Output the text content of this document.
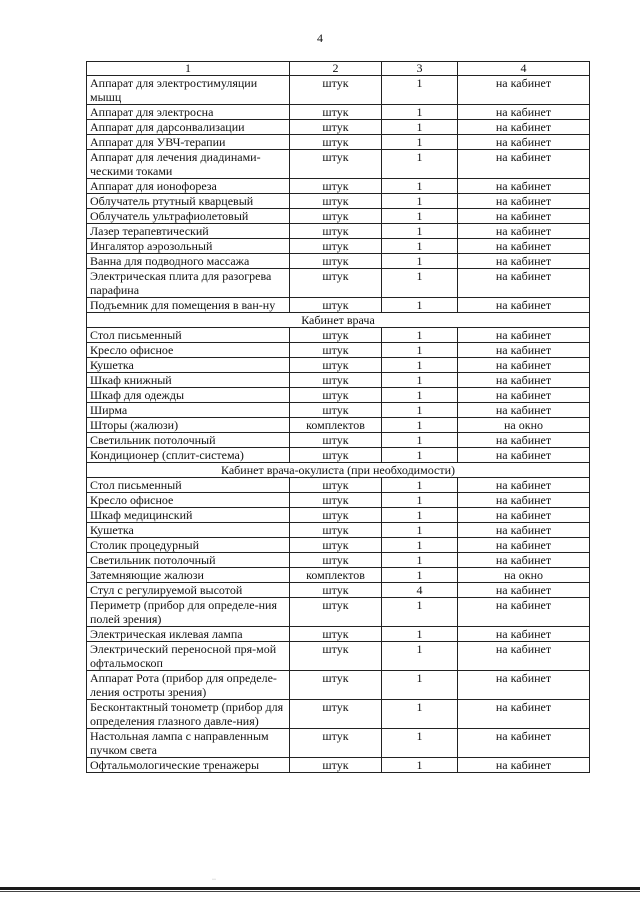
4
1	2	3	4
Аппарат для электростимуляции мышц	штук	1	на кабинет
Аппарат для электросна	штук	1	на кабинет
Аппарат для дарсонвализации	штук	1	на кабинет
Аппарат для УВЧ-терапии	штук	1	на кабинет
Аппарат для лечения диадинами-ческими токами	штук	1	на кабинет
Аппарат для ионофореза	штук	1	на кабинет
Облучатель ртутный кварцевый	штук	1	на кабинет
Облучатель ультрафиолетовый	штук	1	на кабинет
Лазер терапевтический	штук	1	на кабинет
Ингалятор аэрозольный	штук	1	на кабинет
Ванна для подводного массажа	штук	1	на кабинет
Электрическая плита для разогрева парафина	штук	1	на кабинет
Подъемник для помещения в ван-ну	штук	1	на кабинет
Кабинет врача			
Стол письменный	штук	1	на кабинет
Кресло офисное	штук	1	на кабинет
Кушетка	штук	1	на кабинет
Шкаф книжный	штук	1	на кабинет
Шкаф для одежды	штук	1	на кабинет
Ширма	штук	1	на кабинет
Шторы (жалюзи)	комплектов	1	на окно
Светильник потолочный	штук	1	на кабинет
Кондиционер (сплит-система)	штук	1	на кабинет
Кабинет врача-окулиста (при необходимости)			
Стол письменный	штук	1	на кабинет
Кресло офисное	штук	1	на кабинет
Шкаф медицинский	штук	1	на кабинет
Кушетка	штук	1	на кабинет
Столик процедурный	штук	1	на кабинет
Светильник потолочный	штук	1	на кабинет
Затемняющие жалюзи	комплектов	1	на окно
Стул с регулируемой высотой	штук	4	на кабинет
Периметр (прибор для определе-ния полей зрения)	штук	1	на кабинет
Электрическая иклевая лампа	штук	1	на кабинет
Электрический переносной пря-мой офтальмоскоп	штук	1	на кабинет
Аппарат Рота (прибор для определе-ления остроты зрения)	штук	1	на кабинет
Бесконтактный тонометр (прибор для определения глазного давле-ния)	штук	1	на кабинет
Настольная лампа с направленным пучком света	штук	1	на кабинет
Офтальмологические тренажеры	штук	1	на кабинет
··
